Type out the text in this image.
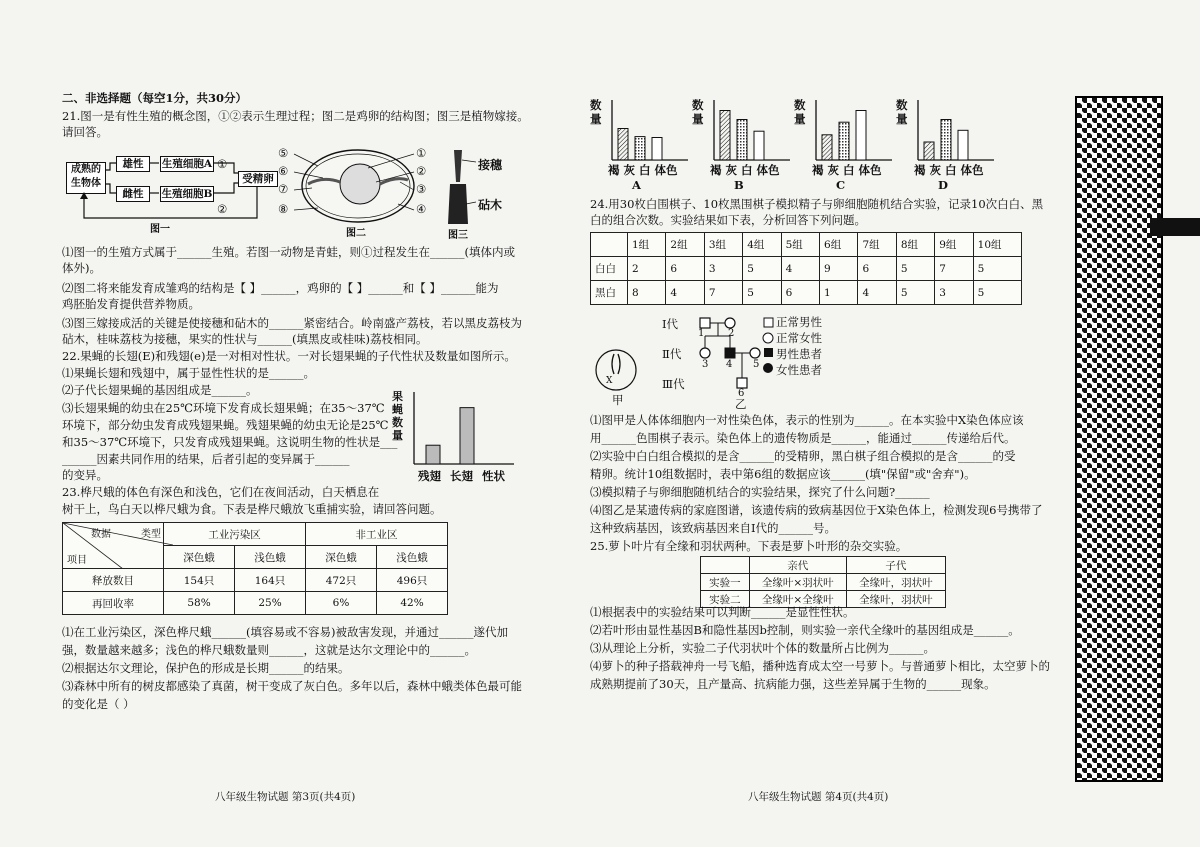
二、非选择题（每空1分，共30分）
21.图一是有性生殖的概念图，①②表示生理过程；图二是鸡卵的结构图；图三是植物嫁接。
请回答。
成熟的
生物体
雄性
雌性
生殖细胞A
生殖细胞B
受精卵
①
②
图一
⑤
⑥
⑦
⑧
①
②
③
④
图二
接穗
砧木
图三
⑴图一的生殖方式属于______生殖。若图一动物是青蛙，则①过程发生在______(填体内或
体外)。
⑵图二将来能发育成雏鸡的结构是【 】______，鸡卵的【 】______和【 】______能为
鸡胚胎发育提供营养物质。
⑶图三嫁接成活的关键是使接穗和砧木的______紧密结合。岭南盛产荔枝，若以黑皮荔枝为
砧木，桂味荔枝为接穗，果实的性状与______(填黑皮或桂味)荔枝相同。
22.果蝇的长翅(E)和残翅(e)是一对相对性状。一对长翅果蝇的子代性状及数量如图所示。
⑴果蝇长翅和残翅中，属于显性性状的是______。
⑵子代长翅果蝇的基因组成是______。
⑶长翅果蝇的幼虫在25℃环境下发育成长翅果蝇；在35～37℃
环境下，部分幼虫发育成残翅果蝇。残翅果蝇的幼虫无论是25℃
和35～37℃环境下，只发育成残翅果蝇。这说明生物的性状是___
______因素共同作用的结果，后者引起的变异属于______
的变异。
果
蝇
数
量
残翅 长翅 性状
23.桦尺蛾的体色有深色和浅色，它们在夜间活动，白天栖息在
树干上，鸟白天以桦尺蛾为食。下表是桦尺蛾放飞重捕实验，请回答问题。
数据 类型
项目	工业污染区		非工业区	
	深色蛾	浅色蛾	深色蛾	浅色蛾
释放数目	154只	164只	472只	496只
再回收率	58%	25%	6%	42%
⑴在工业污染区，深色桦尺蛾______(填容易或不容易)被敌害发现，并通过______遂代加
强，数量越来越多；浅色的桦尺蛾数量则______，这就是达尔文理论中的______。
⑵根据达尔文理论，保护色的形成是长期______的结果。
⑶森林中所有的树皮都感染了真菌，树干变成了灰白色。多年以后，森林中蛾类体色最可能
的变化是（ ）
八年级生物试题 第3页(共4页)
数
量
褐 灰 白 体色
A
数
量
褐 灰 白 体色
B
数
量
褐 灰 白 体色
C
数
量
褐 灰 白 体色
D
24.用30枚白围棋子、10枚黑围棋子模拟精子与卵细胞随机结合实验，记录10次白白、黑
白的组合次数。实验结果如下表，分析回答下列问题。
	1组	2组	3组	4组	5组	6组	7组	8组	9组	10组
白白	2	6	3	5	4	9	6	5	7	5
黑白	8	4	7	5	6	1	4	5	3	5
X
甲
Ⅰ代
Ⅱ代
Ⅲ代
1 2
3 4 5
6
乙
正常男性
正常女性
男性患者
女性患者
⑴图甲是人体体细胞内一对性染色体，表示的性别为______。在本实验中X染色体应该
用______色围棋子表示。染色体上的遗传物质是______，能通过______传递给后代。
⑵实验中白白组合模拟的是含______的受精卵，黑白棋子组合模拟的是含______的受
精卵。统计10组数据时，表中第6组的数据应该______(填"保留"或"舍弃")。
⑶模拟精子与卵细胞随机结合的实验结果，探究了什么问题?______
⑷图乙是某遗传病的家庭图谱，该遗传病的致病基因位于X染色体上，检测发现6号携带了
这种致病基因，该致病基因来自Ⅰ代的______号。
25.萝卜叶片有全缘和羽状两种。下表是萝卜叶形的杂交实验。
	亲代	子代
实验一	全缘叶×羽状叶	全缘叶，羽状叶
实验二	全缘叶×全缘叶	全缘叶，羽状叶
⑴根据表中的实验结果可以判断______是显性性状。
⑵若叶形由显性基因B和隐性基因b控制，则实验一亲代全缘叶的基因组成是______。
⑶从理论上分析，实验二子代羽状叶个体的数量所占比例为______。
⑷萝卜的种子搭载神舟一号飞船，播种选育成太空一号萝卜。与普通萝卜相比，太空萝卜的
成熟期提前了30天，且产量高、抗病能力强，这些差异属于生物的______现象。
八年级生物试题 第4页(共4页)
